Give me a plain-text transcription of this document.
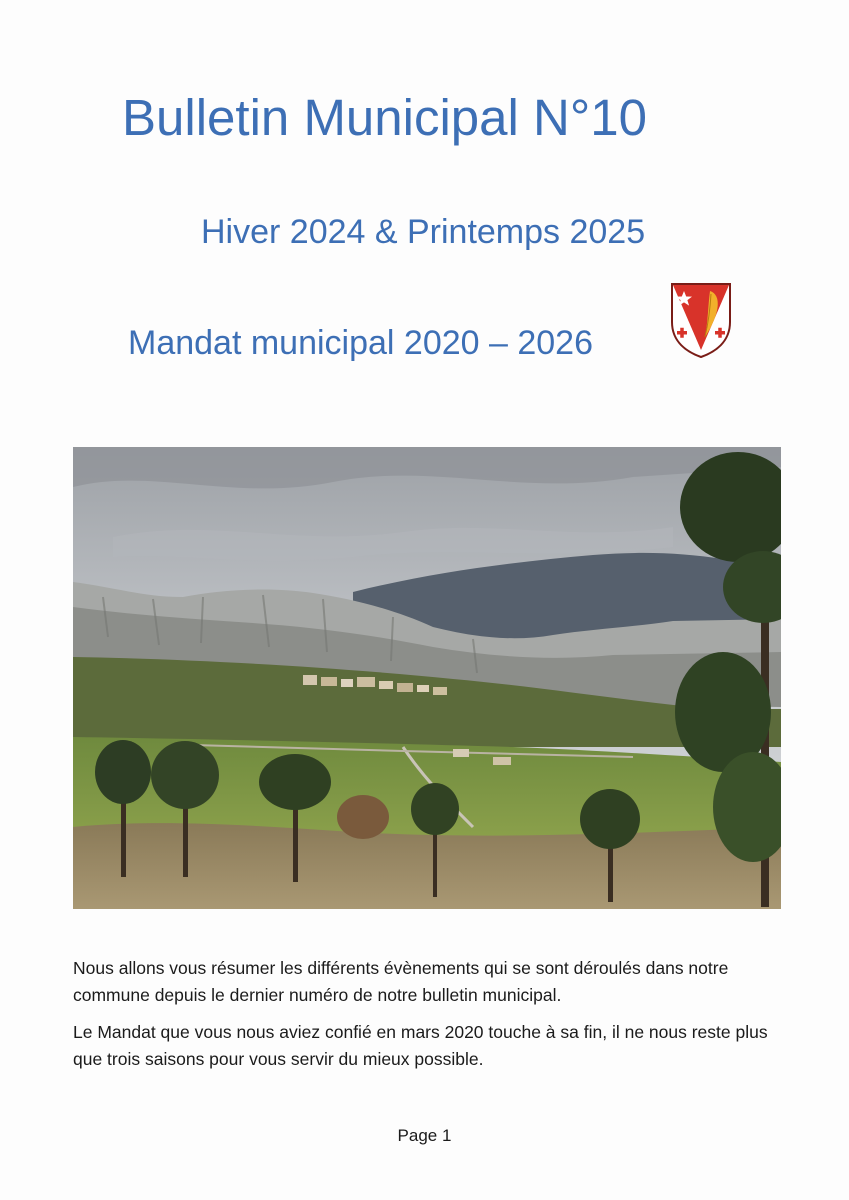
Bulletin Municipal N°10
Hiver 2024 & Printemps 2025
Mandat municipal 2020 – 2026

Nous allons vous résumer les différents évènements qui se sont déroulés dans notre commune depuis le dernier numéro de notre bulletin municipal.

Le Mandat que vous nous aviez confié en mars 2020 touche à sa fin, il ne nous reste plus que trois saisons pour vous servir du mieux possible.

Page 1
